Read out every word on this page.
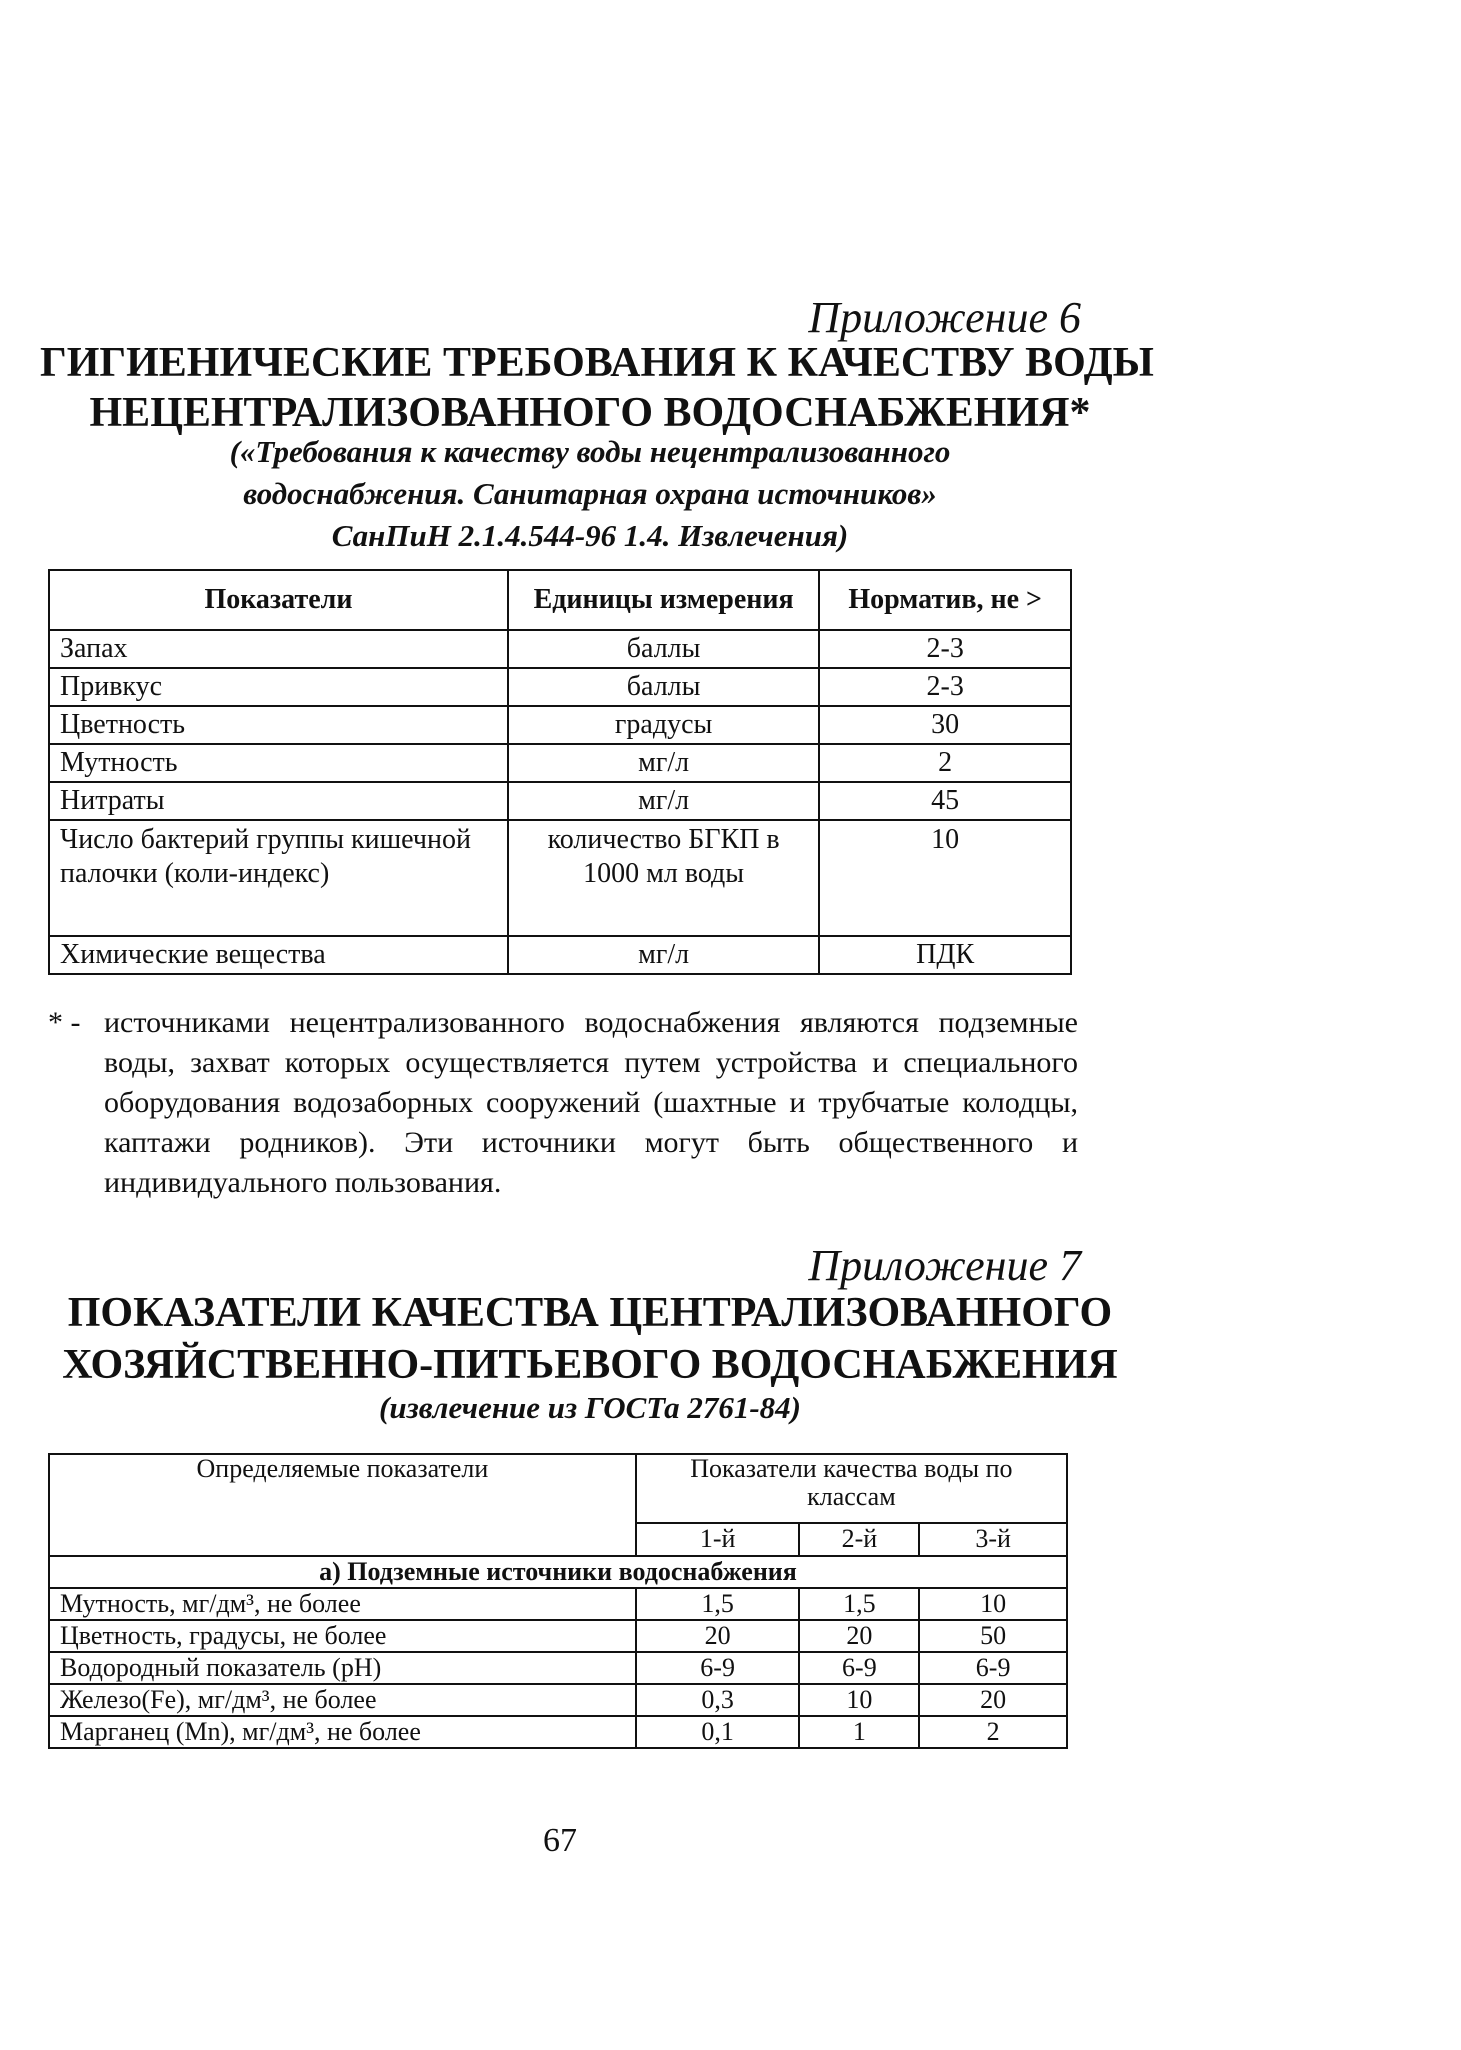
Приложение 6
ГИГИЕНИЧЕСКИЕ ТРЕБОВАНИЯ К КАЧЕСТВУ ВОДЫ
НЕЦЕНТРАЛИЗОВАННОГО ВОДОСНАБЖЕНИЯ*
(«Требования к качеству воды нецентрализованного
водоснабжения. Санитарная охрана источников»
СанПиН 2.1.4.544-96 1.4. Извлечения)
Показатели	Единицы измерения	Норматив, не >
Запах	баллы	2-3
Привкус	баллы	2-3
Цветность	градусы	30
Мутность	мг/л	2
Нитраты	мг/л	45
Число бактерий группы кишечной палочки (коли-индекс)	количество БГКП в 1000 мл воды	10
Химические вещества	мг/л	ПДК
* - источниками нецентрализованного водоснабжения являются подземные воды, захват которых осуществляется путем устройства и специального оборудования водозаборных сооружений (шахтные и трубчатые колодцы, каптажи родников). Эти источники могут быть общественного и индивидуального пользования.
Приложение 7
ПОКАЗАТЕЛИ КАЧЕСТВА ЦЕНТРАЛИЗОВАННОГО
ХОЗЯЙСТВЕННО-ПИТЬЕВОГО ВОДОСНАБЖЕНИЯ
(извлечение из ГОСТа 2761-84)
Определяемые показатели	Показатели качества воды по классам		
	1-й	2-й	3-й
а) Подземные источники водоснабжения			
Мутность, мг/дм³, не более	1,5	1,5	10
Цветность, градусы, не более	20	20	50
Водородный показатель (pH)	6-9	6-9	6-9
Железо(Fe), мг/дм³, не более	0,3	10	20
Марганец (Mn), мг/дм³, не более	0,1	1	2
67
